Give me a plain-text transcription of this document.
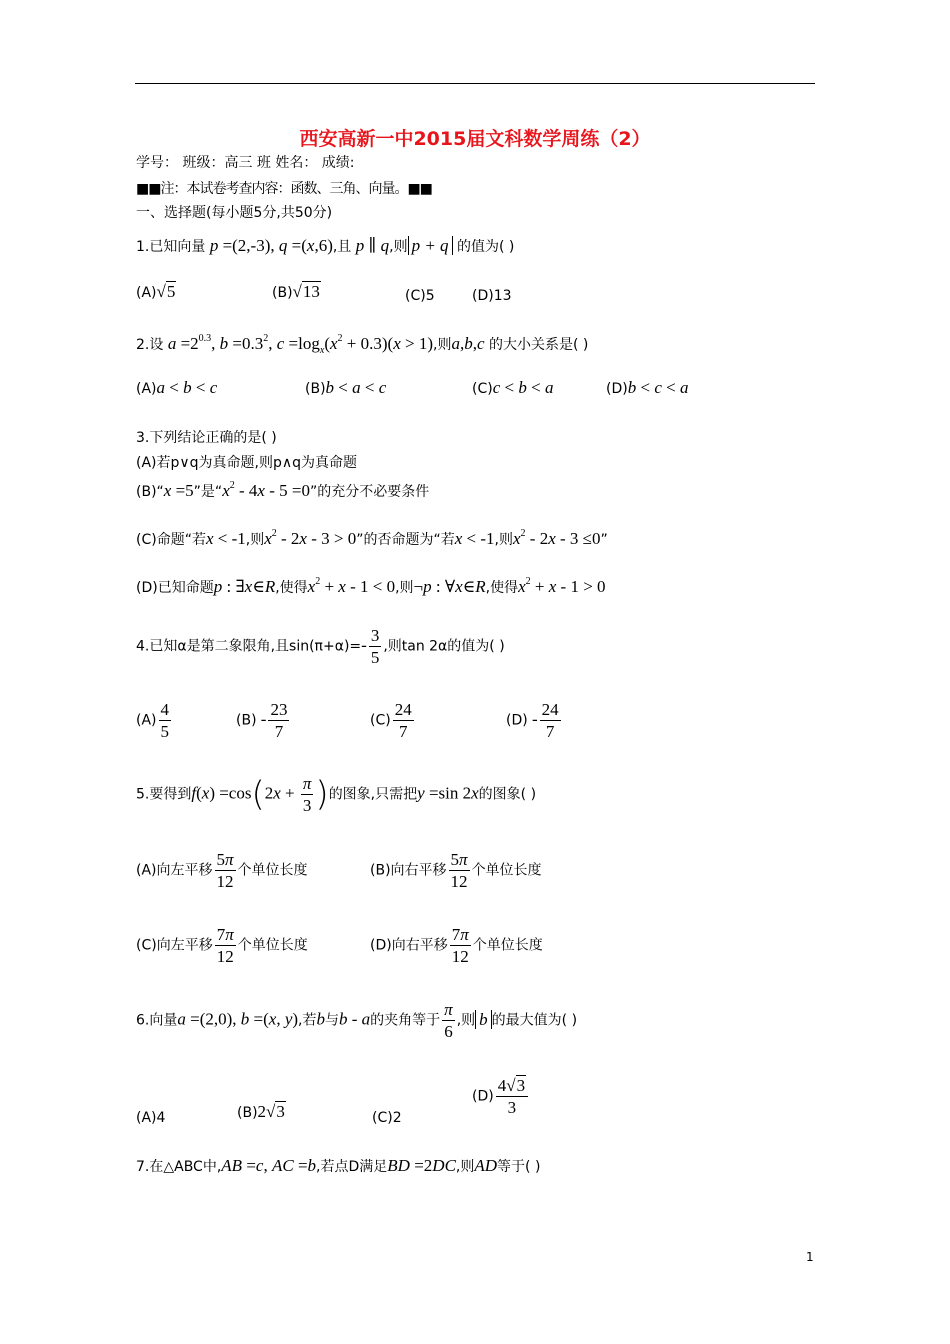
西安高新一中2015届文科数学周练（2）
学号： 班级：高三 班 姓名： 成绩:
■■注：本试卷考查内容：函数、三角、向量。■■
一、选择题(每小题5分,共50分)
1.已知向量 p =(2,-3), q =(x,6),且 p ∥ q,则 p + q 的值为( )
(A)√5	(B)√13	(C)5	(D)13
2.设 $a =2^{0.3}$, $b =0.3^2$, $c =\log_x(x^2 + 0.3)(x > 1)$,则a,b,c 的大小关系是( )
(A)a < b < c	(B)b < a < c	(C)c < b < a	(D)b < c < a
3.下列结论正确的是( )
(A)若p∨q为真命题,则p∧q为真命题
(B)“x =5”是“$x^2 - 4x - 5 =0$”的充分不必要条件
(C)命题“若x < -1,则$x^2 - 2x - 3 > 0$”的否命题为“若x < -1,则$x^2 - 2x - 3 \le 0$”
(D)已知命题p : ∃x∈R,使得$x^2 + x - 1 < 0$,则¬p : ∀x∈R,使得$x^2 + x - 1 > 0$
4.已知α是第二象限角,且$\sin(\pi+\alpha)=- \frac{3}{5}$ ,则tan 2α的值为( )
$(A) \frac{4}{5}$	$(B) - \frac{23}{7}$	$(C) \frac{24}{7}$	$(D) - \frac{24}{7}$
5.要得到$f(x) =\cos(2x + \frac{\pi}{3}$ )的图象,只需把y =sin 2x的图象( )
(A)向左平移 $\frac{5\pi}{12}$ 个单位长度	(B)向右平移 $\frac{5\pi}{12}$ 个单位长度
(C)向左平移 $\frac{7\pi}{12}$ 个单位长度	(D)向右平移 $\frac{7\pi}{12}$ 个单位长度
6.向量a =(2,0), b =(x, y),若b与b - a的夹角等于 $\frac{\pi}{6}$ ,则 b 的最大值为( )
(A)4	(B)2√3	(C)2
$(D) \frac{4√3}{3}$
7.在△ABC中,AB =c, AC =b,若点D满足BD =2DC,则AD等于( )
1
